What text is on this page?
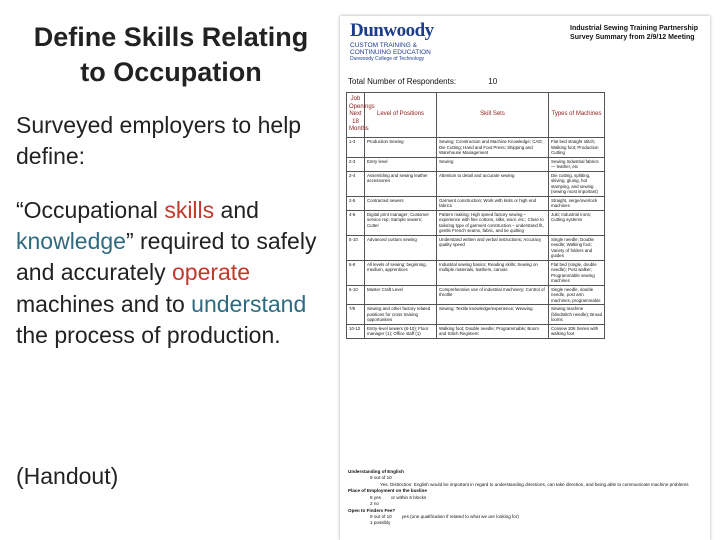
Define Skills Relating
to Occupation

Surveyed employers to help define:

“Occupational skills and knowledge” required to safely and accurately operate machines and to understand the process of production.

(Handout)
Dunwoody
CUSTOM TRAINING &
CONTINUING EDUCATION
Dunwoody College of Technology
Industrial Sewing Training Partnership
Survey Summary from 2/9/12 Meeting
Total Number of Respondents:	10
Job Openings Next 18 Months	Level of Positions	Skill Sets	Types of Machines
1-3	Production Sewing	Sewing; Construction and Machine Knowledge; CAD; Die Cutting; Hand and Foot Press; Shipping and Warehouse Management	Flat bed straight stitch; Walking foot; Production Cutting
2-3	Entry level	Sewing	Sewing Industrial fabrics — leather, etc
2-4	Assembling and sewing leather accessories	Attention to detail and accurate sewing	Die cutting, splitting, skiving, gluing, hot stamping, and sewing (sewing most important)
2-5	Contracted sewers	Garment construction; Work with knits or high end fabrics	Straight, serge/overlock machines
4-6	Digital print manager; Customer service rep; Sample sewers; Cutter	Pattern making; High speed factory sewing – experience with fine cottons, silks, wool, etc.; Close to tailoring type of garment construction – understand fit, gentle French seams, fabric, and tie quilting	Juki; Industrial irons; Cutting systems
5-10	Advanced custom sewing	Understand written and verbal instructions; Accuracy quality speed	Single needle; Double needle; Walking foot; Variety of folders and guides
6-8	All levels of sewing; beginning, medium, apprentices	Industrial sewing basics; Reading skills; Sewing on multiple materials, leathers, canvas	Flat bed (single, double needle); Post walker; Programmable sewing machines
6-10	Master Craft Level	Comprehensive use of industrial machinery; Control of throttle	Single needle, double needle, post arm machines, programmable
7/8	Sewing and other factory related positions for cross training opportunities	Sewing; Textile knowledge/experience; Weaving	Sewing machine (blindstitch needle); Broad looms
10-12	Entry-level sewers (8-10); Floor manager (1); Office staff (1)	Walking foot; Double needle; Programmable; Boom and Stitch Regiment	Consew 206 Series with walking foot
Understanding of English
9 out of 10Yes. Distinction: English would be important in regard to understanding directions, can take direction, and being able to communicate machine problems
Place of Employment on the busline
8 yes or within 6 blocks
2 no
Open to Finders Fee?
9 out of 10 yes (one qualification if related to what we are looking for)
1 possibly
